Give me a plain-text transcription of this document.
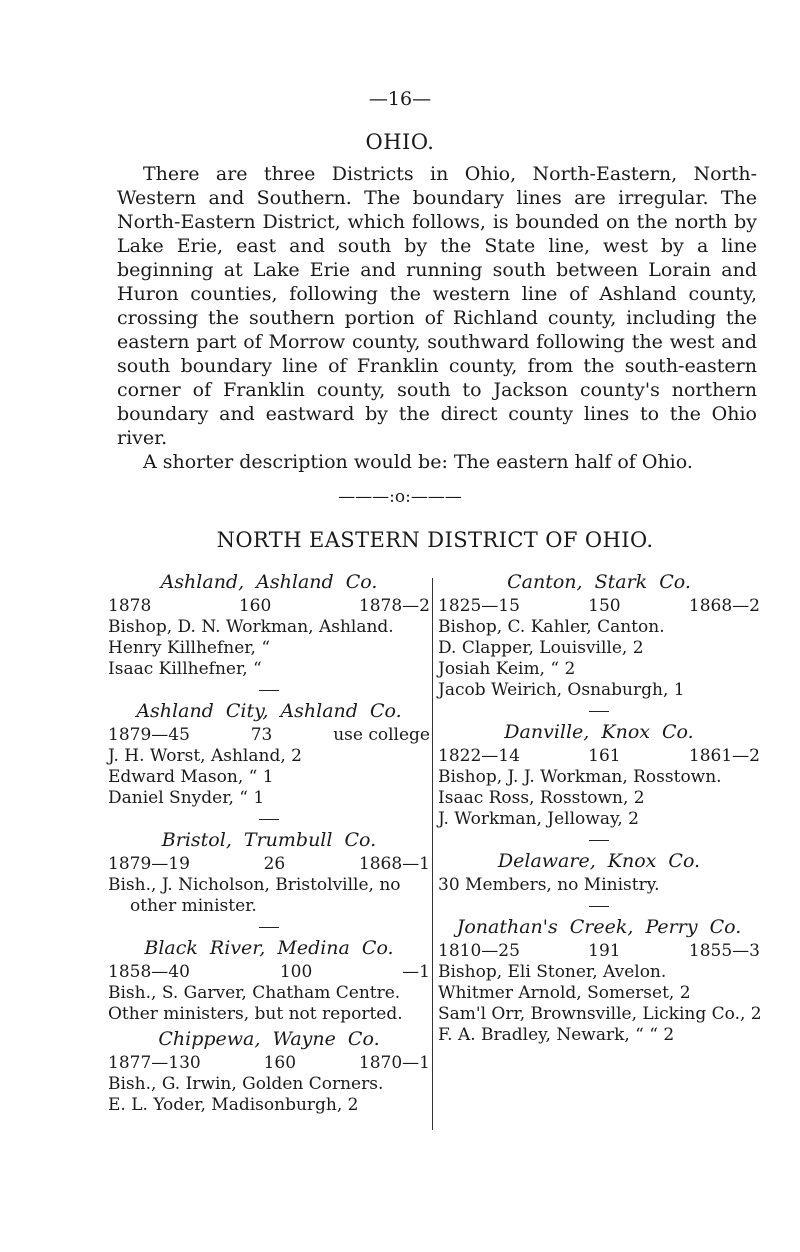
—16—
OHIO.

There are three Districts in Ohio, North-Eastern, North-Western and Southern. The boundary lines are irregular. The North-Eastern District, which follows, is bounded on the north by Lake Erie, east and south by the State line, west by a line beginning at Lake Erie and running south between Lorain and Huron counties, following the western line of Ashland county, crossing the southern portion of Richland county, including the eastern part of Morrow county, southward following the west and south boundary line of Franklin county, from the south-eastern corner of Franklin county, south to Jackson county's northern boundary and eastward by the direct county lines to the Ohio river.

A shorter description would be: The eastern half of Ohio.

———:o:———
NORTH EASTERN DISTRICT OF OHIO.
Ashland, Ashland Co.
1878	160	1878—2
Bishop, D. N. Workman, Ashland.
Henry Killhefner, “
Isaac Killhefner, “
Ashland City, Ashland Co.
1879—45	73	use college
J. H. Worst, Ashland, 2
Edward Mason, “ 1
Daniel Snyder, “ 1
Bristol, Trumbull Co.
1879—19	26	1868—1
Bish., J. Nicholson, Bristolville, no
other minister.
Black River, Medina Co.
1858—40	100	—1
Bish., S. Garver, Chatham Centre.
Other ministers, but not reported.
Chippewa, Wayne Co.
1877—130	160	1870—1
Bish., G. Irwin, Golden Corners.
E. L. Yoder, Madisonburgh, 2
Canton, Stark Co.
1825—15	150	1868—2
Bishop, C. Kahler, Canton.
D. Clapper, Louisville, 2
Josiah Keim, “ 2
Jacob Weirich, Osnaburgh, 1
Danville, Knox Co.
1822—14	161	1861—2
Bishop, J. J. Workman, Rosstown.
Isaac Ross, Rosstown, 2
J. Workman, Jelloway, 2
Delaware, Knox Co.
30 Members, no Ministry.
Jonathan's Creek, Perry Co.
1810—25	191	1855—3
Bishop, Eli Stoner, Avelon.
Whitmer Arnold, Somerset, 2
Sam'l Orr, Brownsville, Licking Co., 2
F. A. Bradley, Newark, “ “ 2
